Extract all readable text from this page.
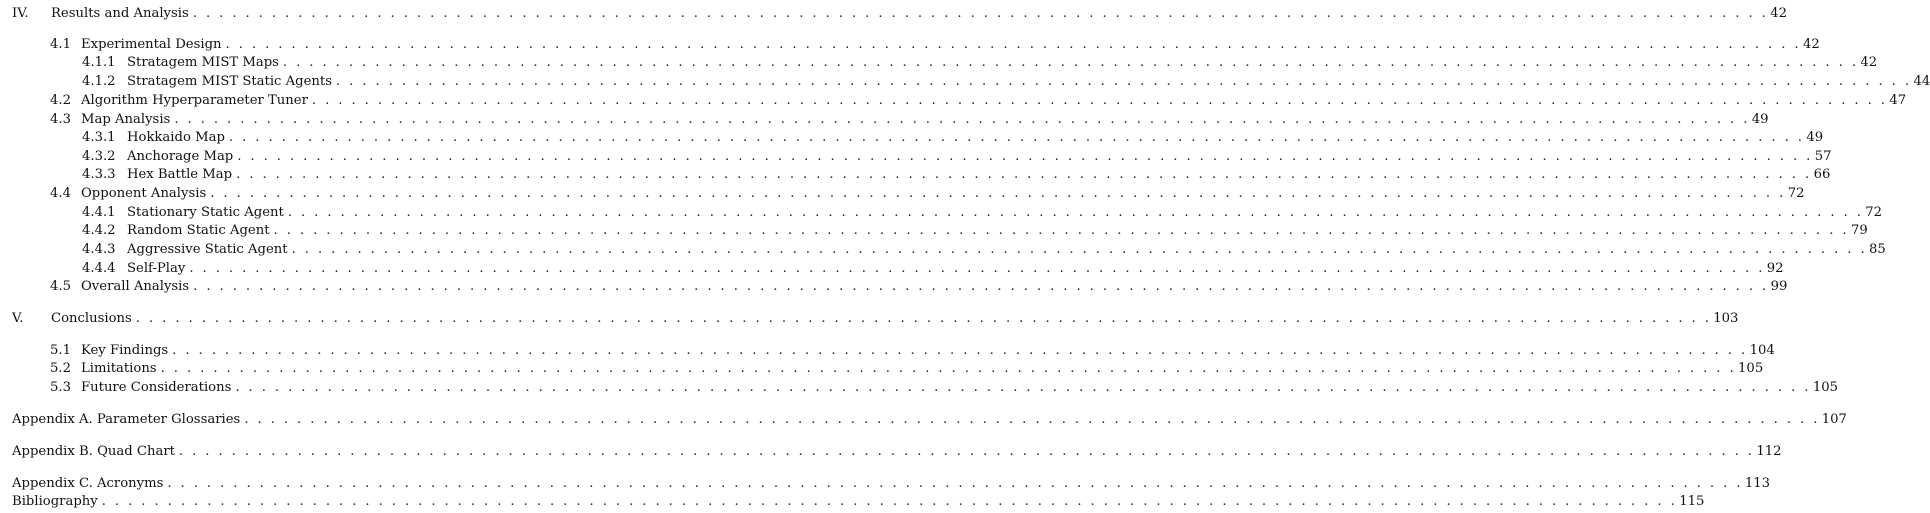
IV.	Results and Analysis . . . . . . . . . . . . . . . . . . . . . . . . . . . . . . . . . . . . . . . . . . . . . . . . . . . . . . . . . . . . . . . . . . . . . . . . . . . . . . . . . . . . . . . . . . . . . . . . . . . . . . . . . . . . . . . . . . . . . . . . 42
4.1 Experimental Design . . . . . . . . . . . . . . . . . . . . . . . . . . . . . . . . . . . . . . . . . . . . . . . . . . . . . . . . . . . . . . . . . . . . . . . . . . . . . . . . . . . . . . . . . . . . . . . . . . . . . . . . . . . . . . . . . . . . . . . . 42
4.1.1 Stratagem MIST Maps . . . . . . . . . . . . . . . . . . . . . . . . . . . . . . . . . . . . . . . . . . . . . . . . . . . . . . . . . . . . . . . . . . . . . . . . . . . . . . . . . . . . . . . . . . . . . . . . . . . . . . . . . . . . . . . . . . . . . . . . 42
4.1.2 Stratagem MIST Static Agents . . . . . . . . . . . . . . . . . . . . . . . . . . . . . . . . . . . . . . . . . . . . . . . . . . . . . . . . . . . . . . . . . . . . . . . . . . . . . . . . . . . . . . . . . . . . . . . . . . . . . . . . . . . . . . . . . . . . . . . . 44
4.2 Algorithm Hyperparameter Tuner . . . . . . . . . . . . . . . . . . . . . . . . . . . . . . . . . . . . . . . . . . . . . . . . . . . . . . . . . . . . . . . . . . . . . . . . . . . . . . . . . . . . . . . . . . . . . . . . . . . . . . . . . . . . . . . . . . . . . . . . 47
4.3 Map Analysis . . . . . . . . . . . . . . . . . . . . . . . . . . . . . . . . . . . . . . . . . . . . . . . . . . . . . . . . . . . . . . . . . . . . . . . . . . . . . . . . . . . . . . . . . . . . . . . . . . . . . . . . . . . . . . . . . . . . . . . . 49
4.3.1 Hokkaido Map . . . . . . . . . . . . . . . . . . . . . . . . . . . . . . . . . . . . . . . . . . . . . . . . . . . . . . . . . . . . . . . . . . . . . . . . . . . . . . . . . . . . . . . . . . . . . . . . . . . . . . . . . . . . . . . . . . . . . . . . 49
4.3.2 Anchorage Map . . . . . . . . . . . . . . . . . . . . . . . . . . . . . . . . . . . . . . . . . . . . . . . . . . . . . . . . . . . . . . . . . . . . . . . . . . . . . . . . . . . . . . . . . . . . . . . . . . . . . . . . . . . . . . . . . . . . . . . . 57
4.3.3 Hex Battle Map . . . . . . . . . . . . . . . . . . . . . . . . . . . . . . . . . . . . . . . . . . . . . . . . . . . . . . . . . . . . . . . . . . . . . . . . . . . . . . . . . . . . . . . . . . . . . . . . . . . . . . . . . . . . . . . . . . . . . . . . 66
4.4 Opponent Analysis . . . . . . . . . . . . . . . . . . . . . . . . . . . . . . . . . . . . . . . . . . . . . . . . . . . . . . . . . . . . . . . . . . . . . . . . . . . . . . . . . . . . . . . . . . . . . . . . . . . . . . . . . . . . . . . . . . . . . . . . 72
4.4.1 Stationary Static Agent . . . . . . . . . . . . . . . . . . . . . . . . . . . . . . . . . . . . . . . . . . . . . . . . . . . . . . . . . . . . . . . . . . . . . . . . . . . . . . . . . . . . . . . . . . . . . . . . . . . . . . . . . . . . . . . . . . . . . . . . 72
4.4.2 Random Static Agent . . . . . . . . . . . . . . . . . . . . . . . . . . . . . . . . . . . . . . . . . . . . . . . . . . . . . . . . . . . . . . . . . . . . . . . . . . . . . . . . . . . . . . . . . . . . . . . . . . . . . . . . . . . . . . . . . . . . . . . . 79
4.4.3 Aggressive Static Agent . . . . . . . . . . . . . . . . . . . . . . . . . . . . . . . . . . . . . . . . . . . . . . . . . . . . . . . . . . . . . . . . . . . . . . . . . . . . . . . . . . . . . . . . . . . . . . . . . . . . . . . . . . . . . . . . . . . . . . . . 85
4.4.4 Self-Play . . . . . . . . . . . . . . . . . . . . . . . . . . . . . . . . . . . . . . . . . . . . . . . . . . . . . . . . . . . . . . . . . . . . . . . . . . . . . . . . . . . . . . . . . . . . . . . . . . . . . . . . . . . . . . . . . . . . . . . . 92
4.5 Overall Analysis . . . . . . . . . . . . . . . . . . . . . . . . . . . . . . . . . . . . . . . . . . . . . . . . . . . . . . . . . . . . . . . . . . . . . . . . . . . . . . . . . . . . . . . . . . . . . . . . . . . . . . . . . . . . . . . . . . . . . . . . 99
V.	Conclusions . . . . . . . . . . . . . . . . . . . . . . . . . . . . . . . . . . . . . . . . . . . . . . . . . . . . . . . . . . . . . . . . . . . . . . . . . . . . . . . . . . . . . . . . . . . . . . . . . . . . . . . . . . . . . . . . . . . . . . . . 103
5.1 Key Findings . . . . . . . . . . . . . . . . . . . . . . . . . . . . . . . . . . . . . . . . . . . . . . . . . . . . . . . . . . . . . . . . . . . . . . . . . . . . . . . . . . . . . . . . . . . . . . . . . . . . . . . . . . . . . . . . . . . . . . . . 104
5.2 Limitations . . . . . . . . . . . . . . . . . . . . . . . . . . . . . . . . . . . . . . . . . . . . . . . . . . . . . . . . . . . . . . . . . . . . . . . . . . . . . . . . . . . . . . . . . . . . . . . . . . . . . . . . . . . . . . . . . . . . . . . . 105
5.3 Future Considerations . . . . . . . . . . . . . . . . . . . . . . . . . . . . . . . . . . . . . . . . . . . . . . . . . . . . . . . . . . . . . . . . . . . . . . . . . . . . . . . . . . . . . . . . . . . . . . . . . . . . . . . . . . . . . . . . . . . . . . . . 105
Appendix A. Parameter Glossaries . . . . . . . . . . . . . . . . . . . . . . . . . . . . . . . . . . . . . . . . . . . . . . . . . . . . . . . . . . . . . . . . . . . . . . . . . . . . . . . . . . . . . . . . . . . . . . . . . . . . . . . . . . . . . . . . . . . . . . . . 107
Appendix B. Quad Chart . . . . . . . . . . . . . . . . . . . . . . . . . . . . . . . . . . . . . . . . . . . . . . . . . . . . . . . . . . . . . . . . . . . . . . . . . . . . . . . . . . . . . . . . . . . . . . . . . . . . . . . . . . . . . . . . . . . . . . . . 112
Appendix C. Acronyms . . . . . . . . . . . . . . . . . . . . . . . . . . . . . . . . . . . . . . . . . . . . . . . . . . . . . . . . . . . . . . . . . . . . . . . . . . . . . . . . . . . . . . . . . . . . . . . . . . . . . . . . . . . . . . . . . . . . . . . . 113
Bibliography . . . . . . . . . . . . . . . . . . . . . . . . . . . . . . . . . . . . . . . . . . . . . . . . . . . . . . . . . . . . . . . . . . . . . . . . . . . . . . . . . . . . . . . . . . . . . . . . . . . . . . . . . . . . . . . . . . . . . . . . 115
